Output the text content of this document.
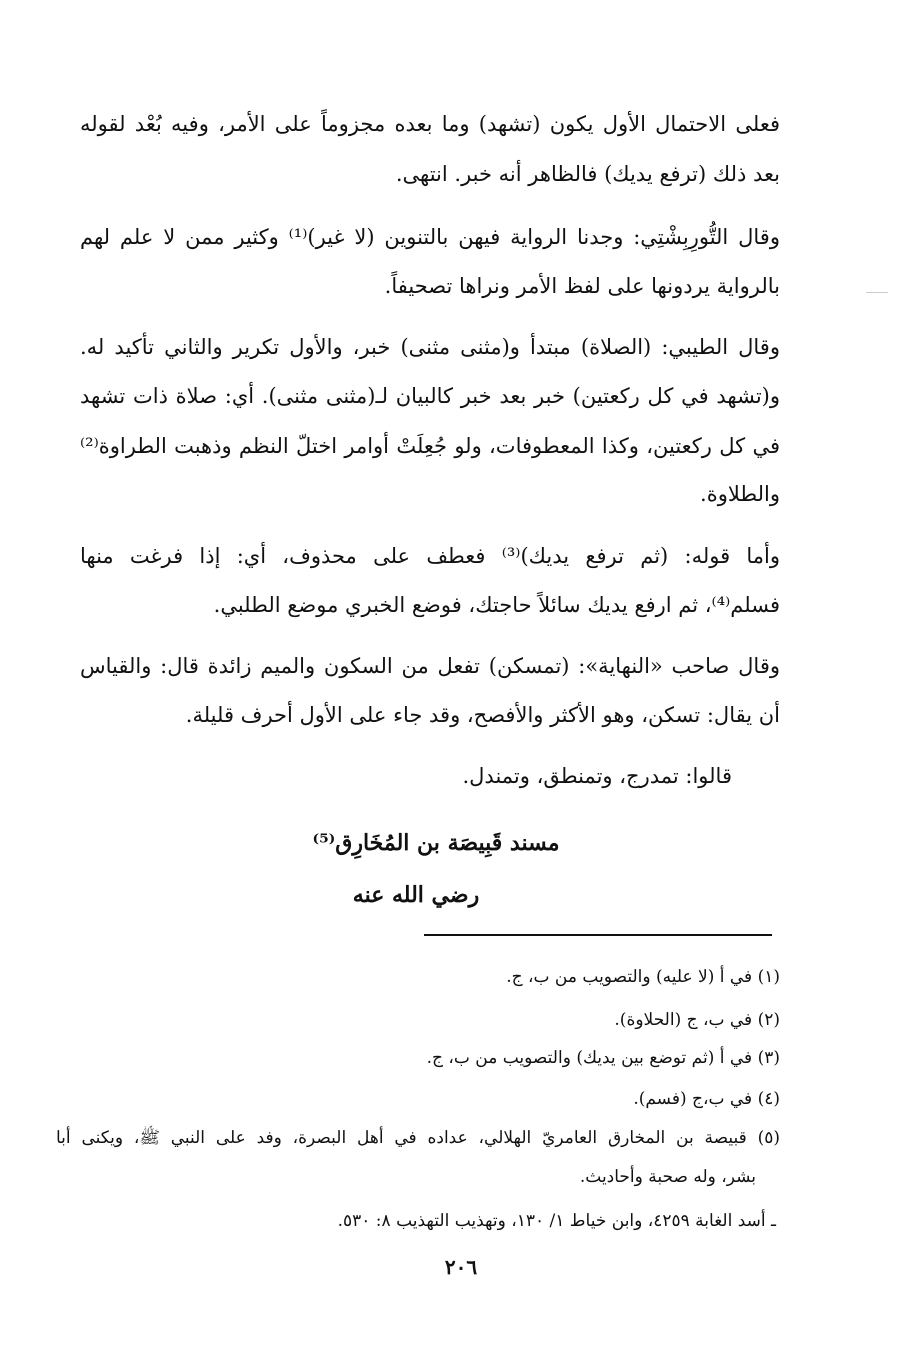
فعلى الاحتمال الأول يكون (تشهد) وما بعده مجزوماً على الأمر، وفيه بُعْد لقوله
بعد ذلك (ترفع يديك) فالظاهر أنه خبر. انتهى.
وقال التُّورِبِشْتِي: وجدنا الرواية فيهن بالتنوين (لا غير)⁽¹⁾ وكثير ممن لا علم لهم
بالرواية يردونها على لفظ الأمر ونراها تصحيفاً.
وقال الطيبي: (الصلاة) مبتدأ و(مثنى مثنى) خبر، والأول تكرير والثاني تأكيد له.
و(تشهد في كل ركعتين) خبر بعد خبر كالبيان لـ(مثنى مثنى). أي: صلاة ذات تشهد
في كل ركعتين، وكذا المعطوفات، ولو جُعِلَتْ أوامر اختلّ النظم وذهبت الطراوة⁽²⁾
والطلاوة.
وأما قوله: (ثم ترفع يديك)⁽³⁾ فعطف على محذوف، أي: إذا فرغت منها
فسلم⁽⁴⁾، ثم ارفع يديك سائلاً حاجتك، فوضع الخبري موضع الطلبي.
وقال صاحب «النهاية»: (تمسكن) تفعل من السكون والميم زائدة قال: والقياس
أن يقال: تسكن، وهو الأكثر والأفصح، وقد جاء على الأول أحرف قليلة.
قالوا: تمدرج، وتمنطق، وتمندل.
مسند قَبِيصَة بن المُخَارِق⁽⁵⁾
رضي الله عنه
(١) في أ (لا عليه) والتصويب من ب، ج.
(٢) في ب، ج (الحلاوة).
(٣) في أ (ثم توضع بين يديك) والتصويب من ب، ج.
(٤) في ب،ج (فسم).
(٥) قبيصة بن المخارق العامريّ الهلالي، عداده في أهل البصرة، وفد على النبي ﷺ، ويكنى أبا
بشر، وله صحبة وأحاديث.
ـ أسد الغابة ٤٢٥٩، وابن خياط ١/ ١٣٠، وتهذيب التهذيب ٨: ٥٣٠.
٢٠٦
